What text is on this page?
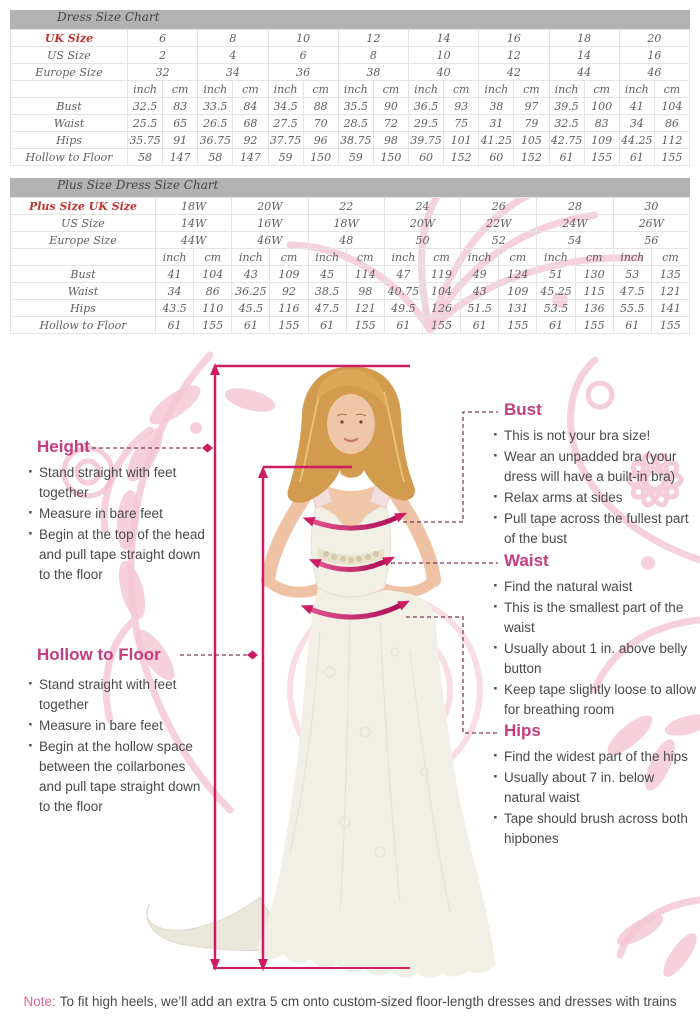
Dress Size Chart
UK Size	6		8		10		12		14		16		18		20	
US Size	2		4		6		8		10		12		14		16	
Europe Size	32		34		36		38		40		42		44		46	
	inch	cm	inch	cm	inch	cm	inch	cm	inch	cm	inch	cm	inch	cm	inch	cm
Bust	32.5	83	33.5	84	34.5	88	35.5	90	36.5	93	38	97	39.5	100	41	104
Waist	25.5	65	26.5	68	27.5	70	28.5	72	29.5	75	31	79	32.5	83	34	86
Hips	35.75	91	36.75	92	37.75	96	38.75	98	39.75	101	41.25	105	42.75	109	44.25	112
Hollow to Floor	58	147	58	147	59	150	59	150	60	152	60	152	61	155	61	155
Plus Size Dress Size Chart
Plus Size UK Size	18W		20W		22		24		26		28		30	
US Size	14W		16W		18W		20W		22W		24W		26W	
Europe Size	44W		46W		48		50		52		54		56	
	inch	cm	inch	cm	inch	cm	inch	cm	inch	cm	inch	cm	inch	cm
Bust	41	104	43	109	45	114	47	119	49	124	51	130	53	135
Waist	34	86	36.25	92	38.5	98	40.75	104	43	109	45.25	115	47.5	121
Hips	43.5	110	45.5	116	47.5	121	49.5	126	51.5	131	53.5	136	55.5	141
Hollow to Floor	61	155	61	155	61	155	61	155	61	155	61	155	61	155
Height
· Stand straight with feet together
· Measure in bare feet
· Begin at the top of the head and pull tape straight down to the floor
Hollow to Floor
· Stand straight with feet together
· Measure in bare feet
· Begin at the hollow space between the collarbones and pull tape straight down to the floor
Bust
· This is not your bra size!
· Wear an unpadded bra (your dress will have a built-in bra)
· Relax arms at sides
· Pull tape across the fullest part of the bust
Waist
· Find the natural waist
· This is the smallest part of the waist
· Usually about 1 in. above belly button
· Keep tape slightly loose to allow for breathing room
Hips
· Find the widest part of the hips
· Usually about 7 in. below natural waist
· Tape should brush across both hipbones
Note: To fit high heels, we’ll add an extra 5 cm onto custom-sized floor-length dresses and dresses with trains
